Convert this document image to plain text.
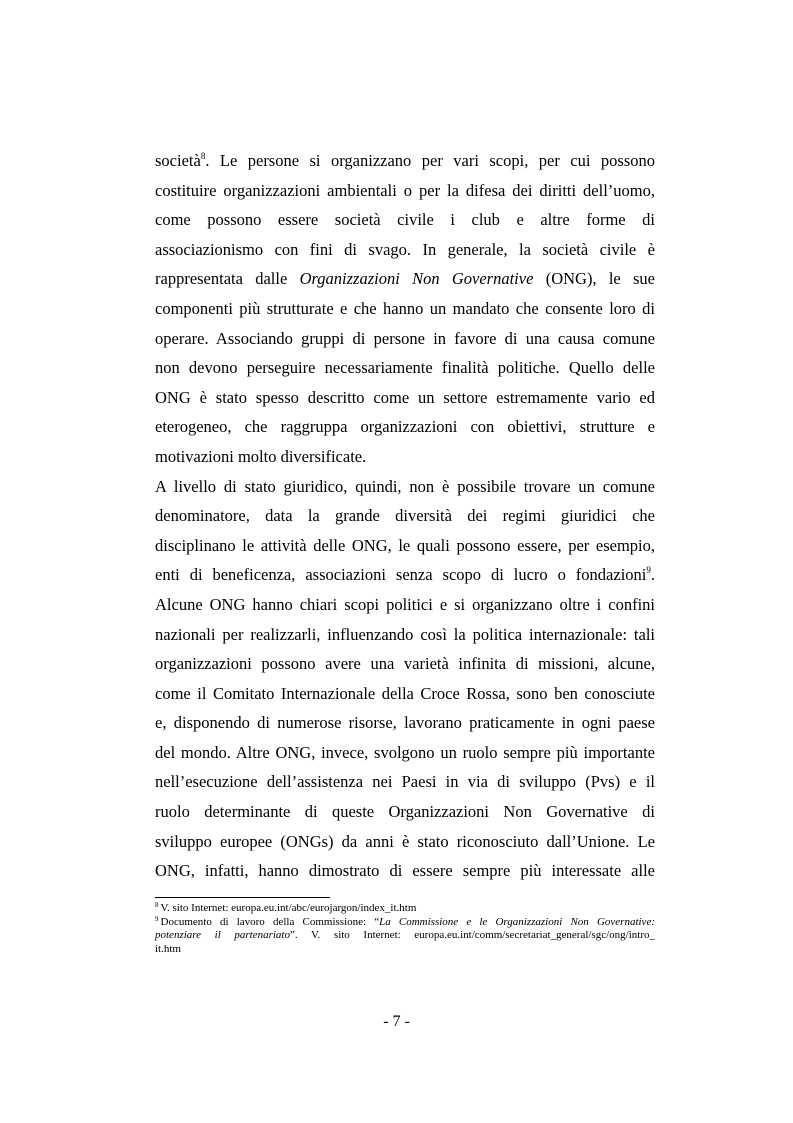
società$^8$. Le persone si organizzano per vari scopi, per cui possono
costituire organizzazioni ambientali o per la difesa dei diritti dell’uomo,
come possono essere società civile i club e altre forme di
associazionismo con fini di svago. In generale, la società civile è
rappresentata dalle Organizzazioni Non Governative (ONG), le sue
componenti più strutturate e che hanno un mandato che consente loro di
operare. Associando gruppi di persone in favore di una causa comune
non devono perseguire necessariamente finalità politiche. Quello delle
ONG è stato spesso descritto come un settore estremamente vario ed
eterogeneo, che raggruppa organizzazioni con obiettivi, strutture e
motivazioni molto diversificate.
A livello di stato giuridico, quindi, non è possibile trovare un comune
denominatore, data la grande diversità dei regimi giuridici che
disciplinano le attività delle ONG, le quali possono essere, per esempio,
enti di beneficenza, associazioni senza scopo di lucro o fondazioni$^9$.
Alcune ONG hanno chiari scopi politici e si organizzano oltre i confini
nazionali per realizzarli, influenzando così la politica internazionale: tali
organizzazioni possono avere una varietà infinita di missioni, alcune,
come il Comitato Internazionale della Croce Rossa, sono ben conosciute
e, disponendo di numerose risorse, lavorano praticamente in ogni paese
del mondo. Altre ONG, invece, svolgono un ruolo sempre più importante
nell’esecuzione dell’assistenza nei Paesi in via di sviluppo (Pvs) e il
ruolo determinante di queste Organizzazioni Non Governative di
sviluppo europee (ONGs) da anni è stato riconosciuto dall’Unione. Le
ONG, infatti, hanno dimostrato di essere sempre più interessate alle
$^8$ V. sito Internet: europa.eu.int/abc/eurojargon/index_it.htm
$^9$ Documento di lavoro della Commissione: “La Commissione e le Organizzazioni Non Governative:
potenziare il partenariato”. V. sito Internet: europa.eu.int/comm/secretariat_general/sgc/ong/intro_
it.htm
- 7 -
